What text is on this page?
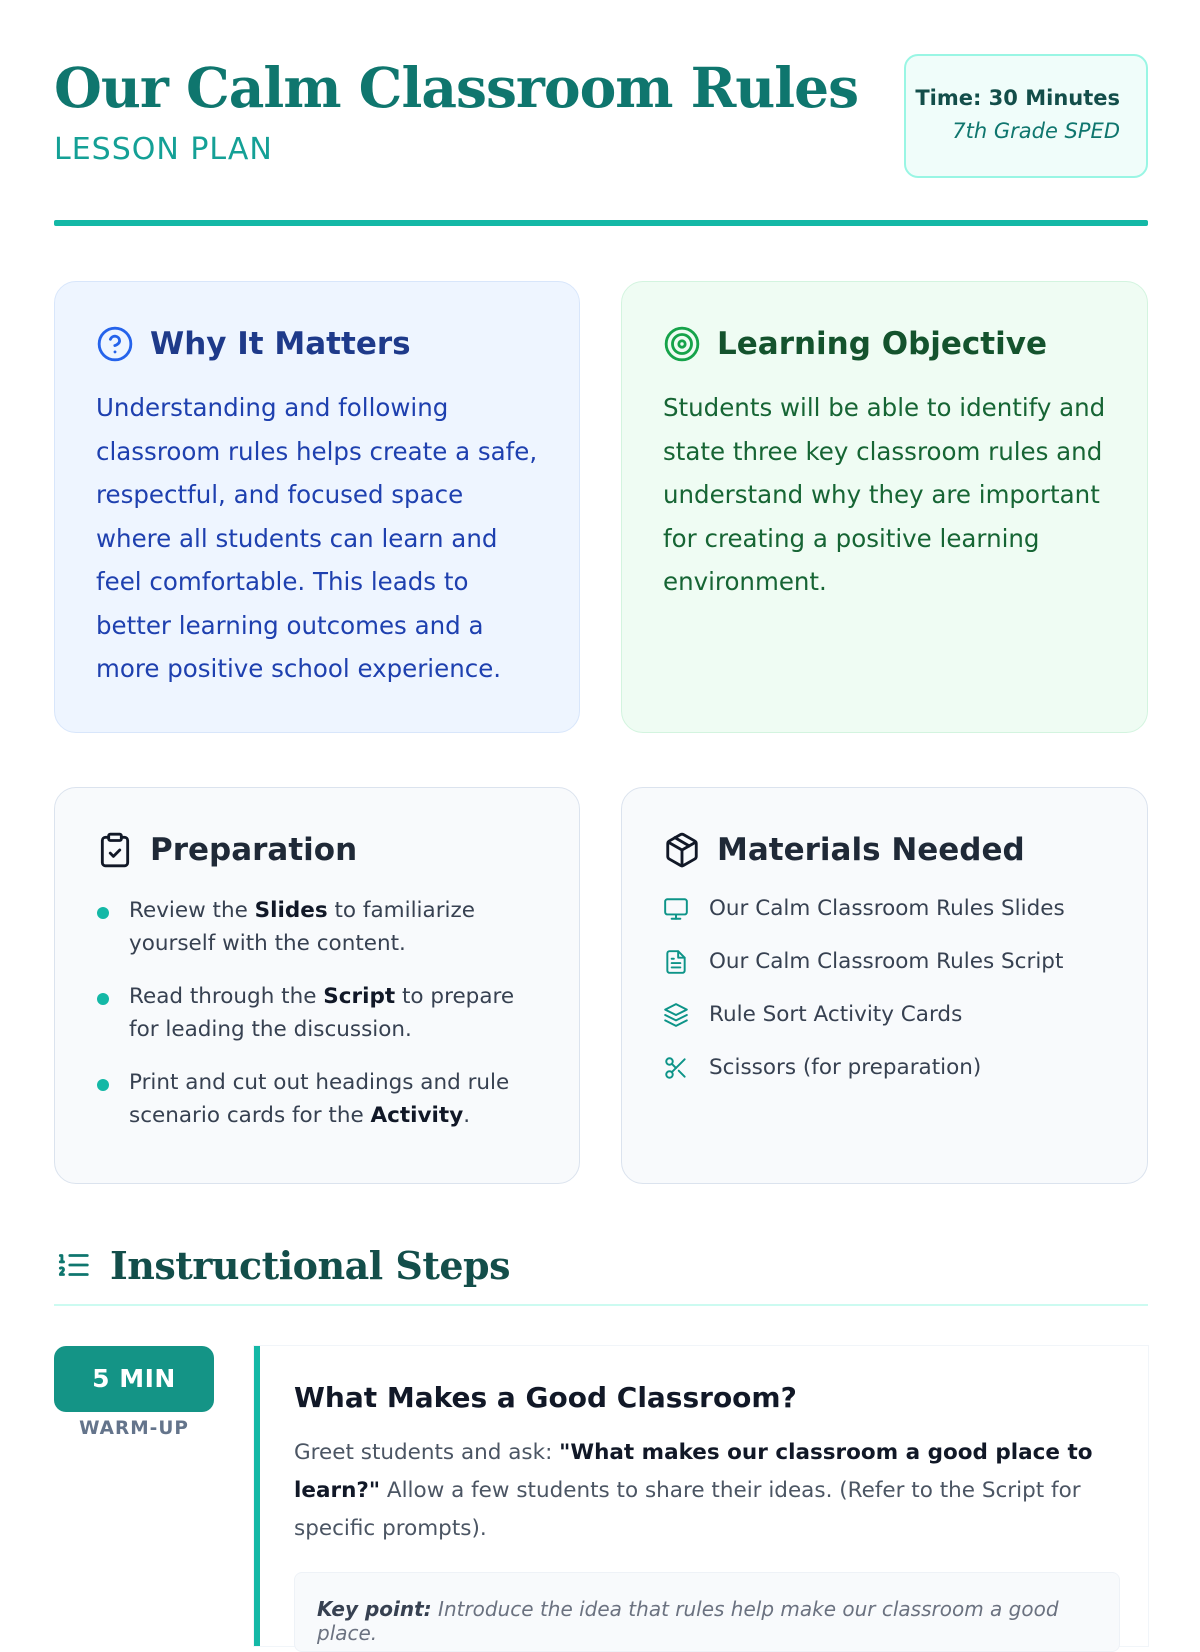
Our Calm Classroom Rules
LESSON PLAN
Time: 30 Minutes
7th Grade SPED
Why It Matters
Understanding and following classroom rules helps create a safe, respectful, and focused space where all students can learn and feel comfortable. This leads to better learning outcomes and a more positive school experience.
Learning Objective
Students will be able to identify and state three key classroom rules and understand why they are important for creating a positive learning environment.
Preparation
Review the Slides to familiarize yourself with the content.
Read through the Script to prepare for leading the discussion.
Print and cut out headings and rule scenario cards for the Activity.
Materials Needed
Our Calm Classroom Rules Slides
Our Calm Classroom Rules Script
Rule Sort Activity Cards
Scissors (for preparation)
Instructional Steps
5 MIN
WARM-UP
What Makes a Good Classroom?
Greet students and ask: "What makes our classroom a good place to learn?" Allow a few students to share their ideas. (Refer to the Script for specific prompts).
Key point: Introduce the idea that rules help make our classroom a good place.
